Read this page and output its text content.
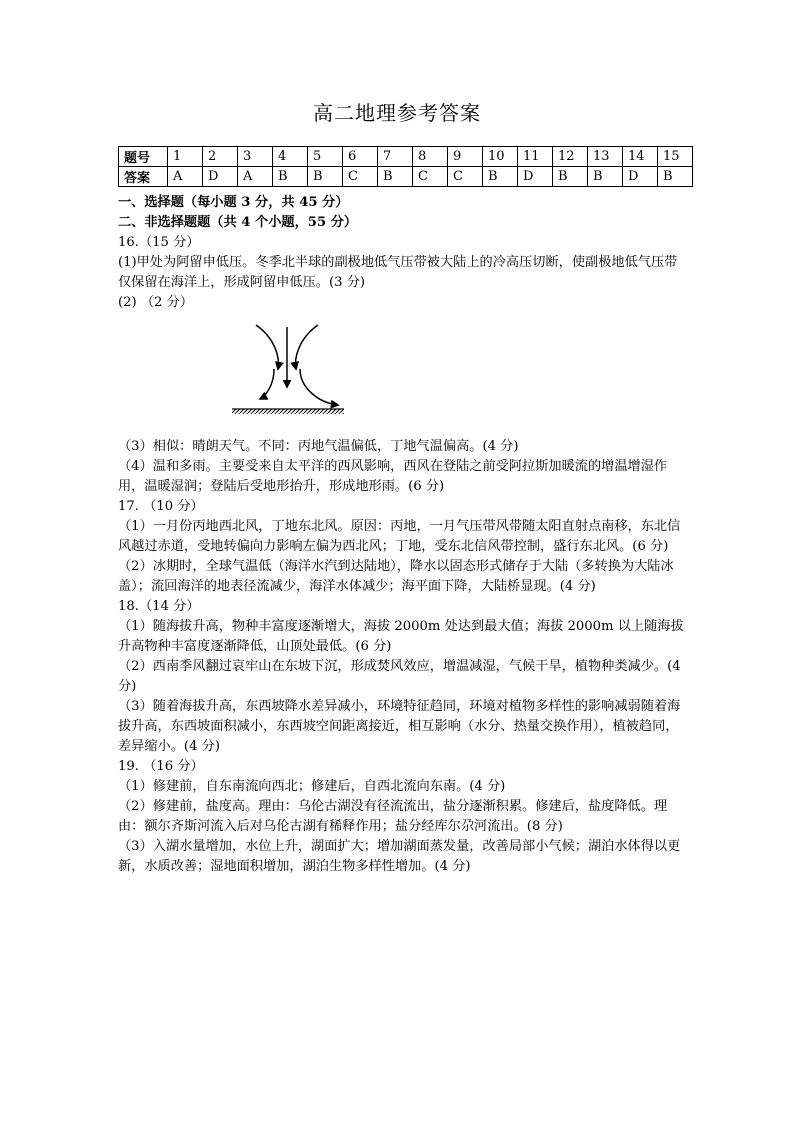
高二地理参考答案
题号	1	2	3	4	5	6	7	8	9	10	11	12	13	14	15
答案	A	D	A	B	B	C	B	C	C	B	D	B	B	D	B
一、选择题（每小题 3 分，共 45 分）
二、非选择题题（共 4 个小题，55 分）
16.（15 分）
(1)甲处为阿留申低压。冬季北半球的副极地低气压带被大陆上的冷高压切断，使副极地低气压带仅保留在海洋上，形成阿留申低压。(3 分)
(2) （2 分）
（3）相似：晴朗天气。不同：丙地气温偏低，丁地气温偏高。(4 分)
（4）温和多雨。主要受来自太平洋的西风影响，西风在登陆之前受阿拉斯加暖流的增温增湿作用，温暖湿润；登陆后受地形抬升，形成地形雨。(6 分)
17. （10 分）
（1）一月份丙地西北风，丁地东北风。原因：丙地，一月气压带风带随太阳直射点南移，东北信风越过赤道，受地转偏向力影响左偏为西北风；丁地，受东北信风带控制，盛行东北风。(6 分)
（2）冰期时，全球气温低（海洋水汽到达陆地），降水以固态形式储存于大陆（多转换为大陆冰盖）；流回海洋的地表径流减少，海洋水体减少；海平面下降，大陆桥显现。(4 分)
18.（14 分）
（1）随海拔升高，物种丰富度逐渐增大，海拔 2000m 处达到最大值；海拔 2000m 以上随海拔升高物种丰富度逐渐降低，山顶处最低。(6 分)
（2）西南季风翻过哀牢山在东坡下沉，形成焚风效应，增温减湿，气候干旱，植物种类减少。(4 分)
（3）随着海拔升高，东西坡降水差异减小，环境特征趋同，环境对植物多样性的影响减弱随着海拔升高，东西坡面积减小，东西坡空间距离接近，相互影响（水分、热量交换作用），植被趋同，差异缩小。(4 分)
19. （16 分）
（1）修建前，自东南流向西北；修建后，自西北流向东南。(4 分)
（2）修建前，盐度高。理由：乌伦古湖没有径流流出，盐分逐渐积累。修建后，盐度降低。理由：额尔齐斯河流入后对乌伦古湖有稀释作用；盐分经库尔尕河流出。(8 分)
（3）入湖水量增加，水位上升，湖面扩大；增加湖面蒸发量，改善局部小气候；湖泊水体得以更新，水质改善；湿地面积增加，湖泊生物多样性增加。(4 分)
